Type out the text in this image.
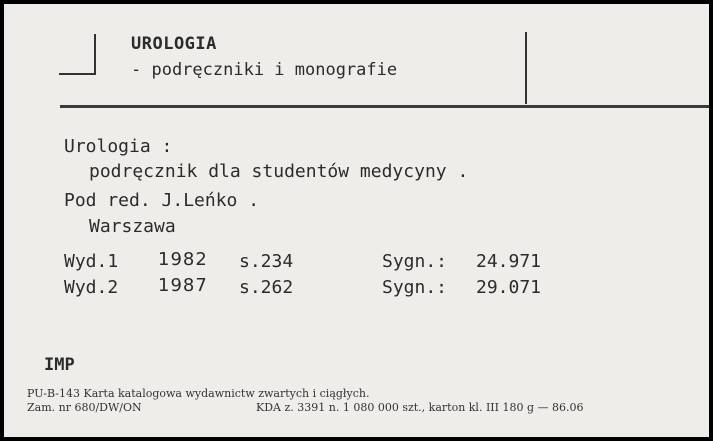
UROLOGIA
- podręczniki i monografie
Urologia :
podręcznik dla studentów medycyny .
Pod red. J.Leńko .
Warszawa
Wyd.1 1982 s.234	Sygn.: 24.971
Wyd.2 1987 s.262	Sygn.: 29.071
IMP
PU-B-143 Karta katalogowa wydawnictw zwartych i ciągłych.
Zam. nr 680/DW/ON	KDA z. 3391 n. 1 080 000 szt., karton kl. III 180 g — 86.06
